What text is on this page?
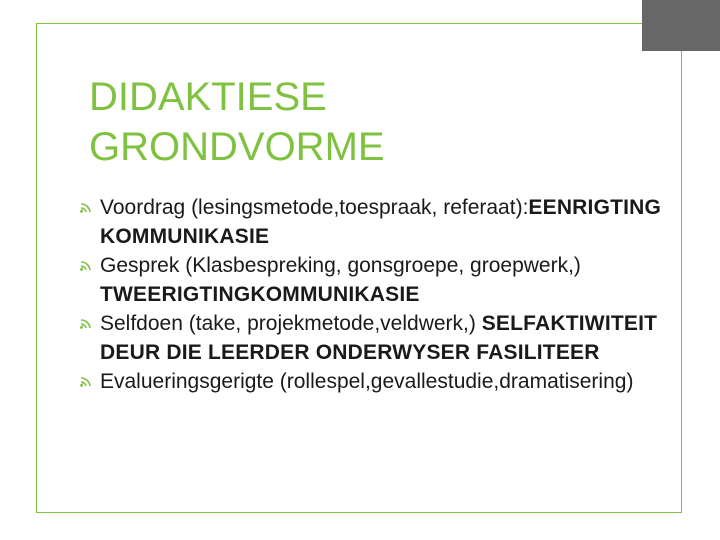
DIDAKTIESE
GRONDVORME
Voordrag (lesingsmetode,toespraak, referaat):EENRIGTING KOMMUNIKASIE
Gesprek (Klasbespreking, gonsgroepe, groepwerk,) TWEERIGTINGKOMMUNIKASIE
Selfdoen (take, projekmetode,veldwerk,) SELFAKTIWITEIT DEUR DIE LEERDER ONDERWYSER FASILITEER
Evalueringsgerigte (rollespel,gevallestudie,dramatisering)
